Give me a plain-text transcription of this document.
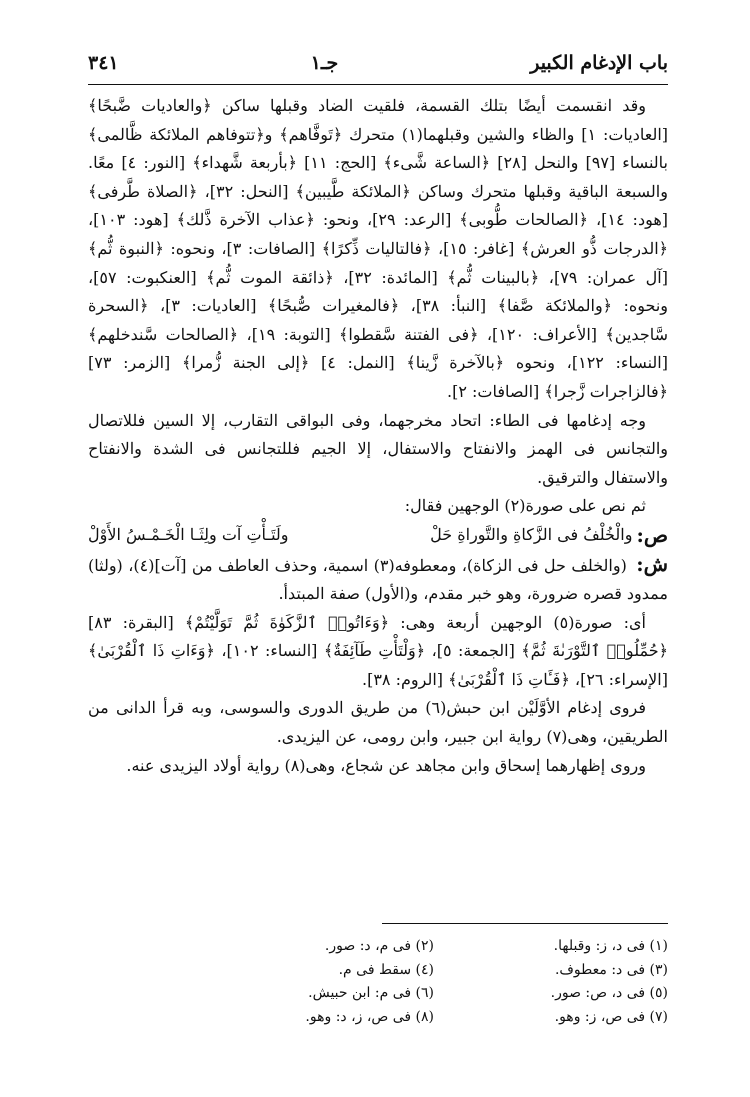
باب الإدغام الكبير
جـ١
٣٤١

وقد انقسمت أيضًا بتلك القسمة، فلقيت الضاد وقبلها ساكن ﴿والعاديات ضَّبحًا﴾ [العاديات: ١] والظاء والشين وقبلهما(١) متحرك ﴿تَوفَّاهم﴾ و﴿تتوفاهم الملائكة ظَّالمى﴾ بالنساء [٩٧] والنحل [٢٨] ﴿الساعة شَّىء﴾ [الحج: ١١] ﴿بأربعة شَّهداء﴾ [النور: ٤] معًا. والسبعة الباقية وقبلها متحرك وساكن ﴿الملائكة طَّيبين﴾ [النحل: ٣٢]، ﴿الصلاة طَّرفى﴾ [هود: ١٤]، ﴿الصالحات طُّوبى﴾ [الرعد: ٢٩]، ونحو: ﴿عذاب الآخرة ذَّلك﴾ [هود: ١٠٣]، ﴿الدرجات ذُّو العرش﴾ [غافر: ١٥]، ﴿فالتاليات ذِّكرًا﴾ [الصافات: ٣]، ونحوه: ﴿النبوة ثُّم﴾ [آل عمران: ٧٩]، ﴿بالبينات ثُّم﴾ [المائدة: ٣٢]، ﴿ذائقة الموت ثُّم﴾ [العنكبوت: ٥٧]، ونحوه: ﴿والملائكة صَّفا﴾ [النبأ: ٣٨]، ﴿فالمغيرات صُّبحًا﴾ [العاديات: ٣]، ﴿السحرة سَّاجدين﴾ [الأعراف: ١٢٠]، ﴿فى الفتنة سَّقطوا﴾ [التوبة: ١٩]، ﴿الصالحات سَّندخلهم﴾ [النساء: ١٢٢]، ونحوه ﴿بالآخرة زَّينا﴾ [النمل: ٤] ﴿إلى الجنة زُّمرا﴾ [الزمر: ٧٣] ﴿فالزاجرات زَّجرا﴾ [الصافات: ٢].

وجه إدغامها فى الطاء: اتحاد مخرجهما، وفى البواقى التقارب، إلا السين فللاتصال والتجانس فى الهمز والانفتاح والاستفال، إلا الجيم فللتجانس فى الشدة والانفتاح والاستفال والترقيق.

ثم نص على صورة(٢) الوجهين فقال:

ص:
والْخُلْفُ فى الزَّكاةِ والتَّوراةِ حَلْ
ولَتَـأْتِ آت ولِثَـا الْخَـمْـسُ الأَوْلْ

ش: (والخلف حل فى الزكاة)، ومعطوفه(٣) اسمية، وحذف العاطف من [آت](٤)، (ولثا) ممدود قصره ضرورة، وهو خبر مقدم، و(الأول) صفة المبتدأ.

أى: صورة(٥) الوجهين أربعة وهى: ﴿وَءَاتُوا۟ ٱلزَّكَوٰةَ ثُمَّ تَوَلَّيْتُمْ﴾ [البقرة: ٨٣] ﴿حُمِّلُوا۟ ٱلتَّوْرَىٰةَ ثُمَّ﴾ [الجمعة: ٥]، ﴿وَلْتَأْتِ طَآئِفَةٌ﴾ [النساء: ١٠٢]، ﴿وَءَاتِ ذَا ٱلْقُرْبَىٰ﴾ [الإسراء: ٢٦]، ﴿فَـَٔاتِ ذَا ٱلْقُرْبَىٰ﴾ [الروم: ٣٨].

فروى إدغام الأوَّلَيْن ابن حبش(٦) من طريق الدورى والسوسى، وبه قرأ الدانى من الطريقين، وهى(٧) رواية ابن جبير، وابن رومى، عن اليزيدى.

وروى إظهارهما إسحاق وابن مجاهد عن شجاع، وهى(٨) رواية أولاد اليزيدى عنه.

(١) فى د، ز: وقبلها.
(٢) فى م، د: صور.
(٣) فى د: معطوف.
(٤) سقط فى م.
(٥) فى د، ص: صور.
(٦) فى م: ابن حبيش.
(٧) فى ص، ز: وهو.
(٨) فى ص، ز، د: وهو.
